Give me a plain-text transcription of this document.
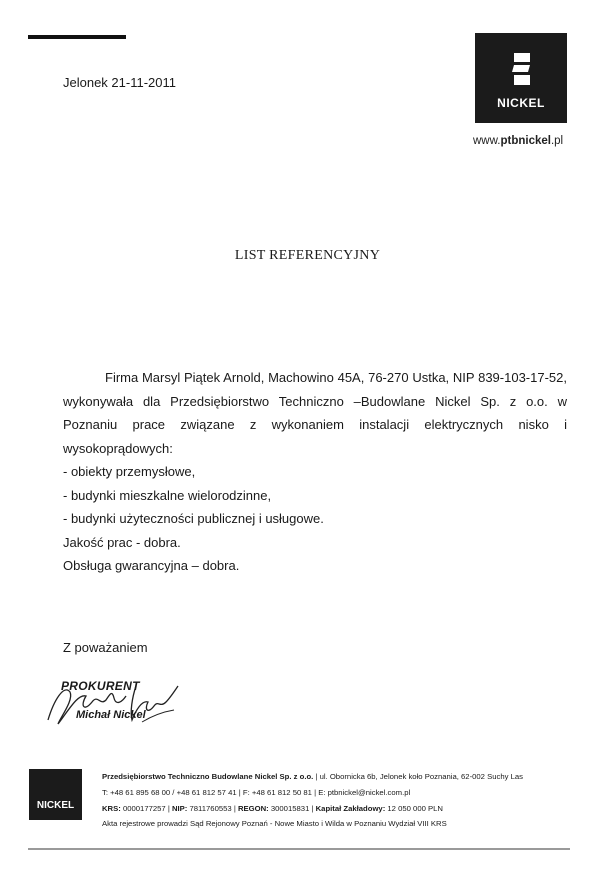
Jelonek 21-11-2011
NICKEL
www.ptbnickel.pl
LIST REFERENCYJNY

Firma Marsyl Piątek Arnold, Machowino 45A, 76-270 Ustka, NIP 839-103-17-52, wykonywała dla Przedsiębiorstwo Techniczno –Budowlane Nickel Sp. z o.o. w Poznaniu prace związane z wykonaniem instalacji elektrycznych nisko i wysokoprądowych:

- obiekty przemysłowe,

- budynki mieszkalne wielorodzinne,

- budynki użyteczności publicznej i usługowe.

Jakość prac - dobra.

Obsługa gwarancyjna – dobra.

Z poważaniem
PROKURENT
Michał Nickel
NICKEL
Przedsiębiorstwo Techniczno Budowlane Nickel Sp. z o.o. | ul. Obornicka 6b, Jelonek koło Poznania, 62-002 Suchy Las
T: +48 61 895 68 00 / +48 61 812 57 41 | F: +48 61 812 50 81 | E: ptbnickel@nickel.com.pl
KRS: 0000177257 | NIP: 7811760553 | REGON: 300015831 | Kapitał Zakładowy: 12 050 000 PLN
Akta rejestrowe prowadzi Sąd Rejonowy Poznań - Nowe Miasto i Wilda w Poznaniu Wydział VIII KRS
